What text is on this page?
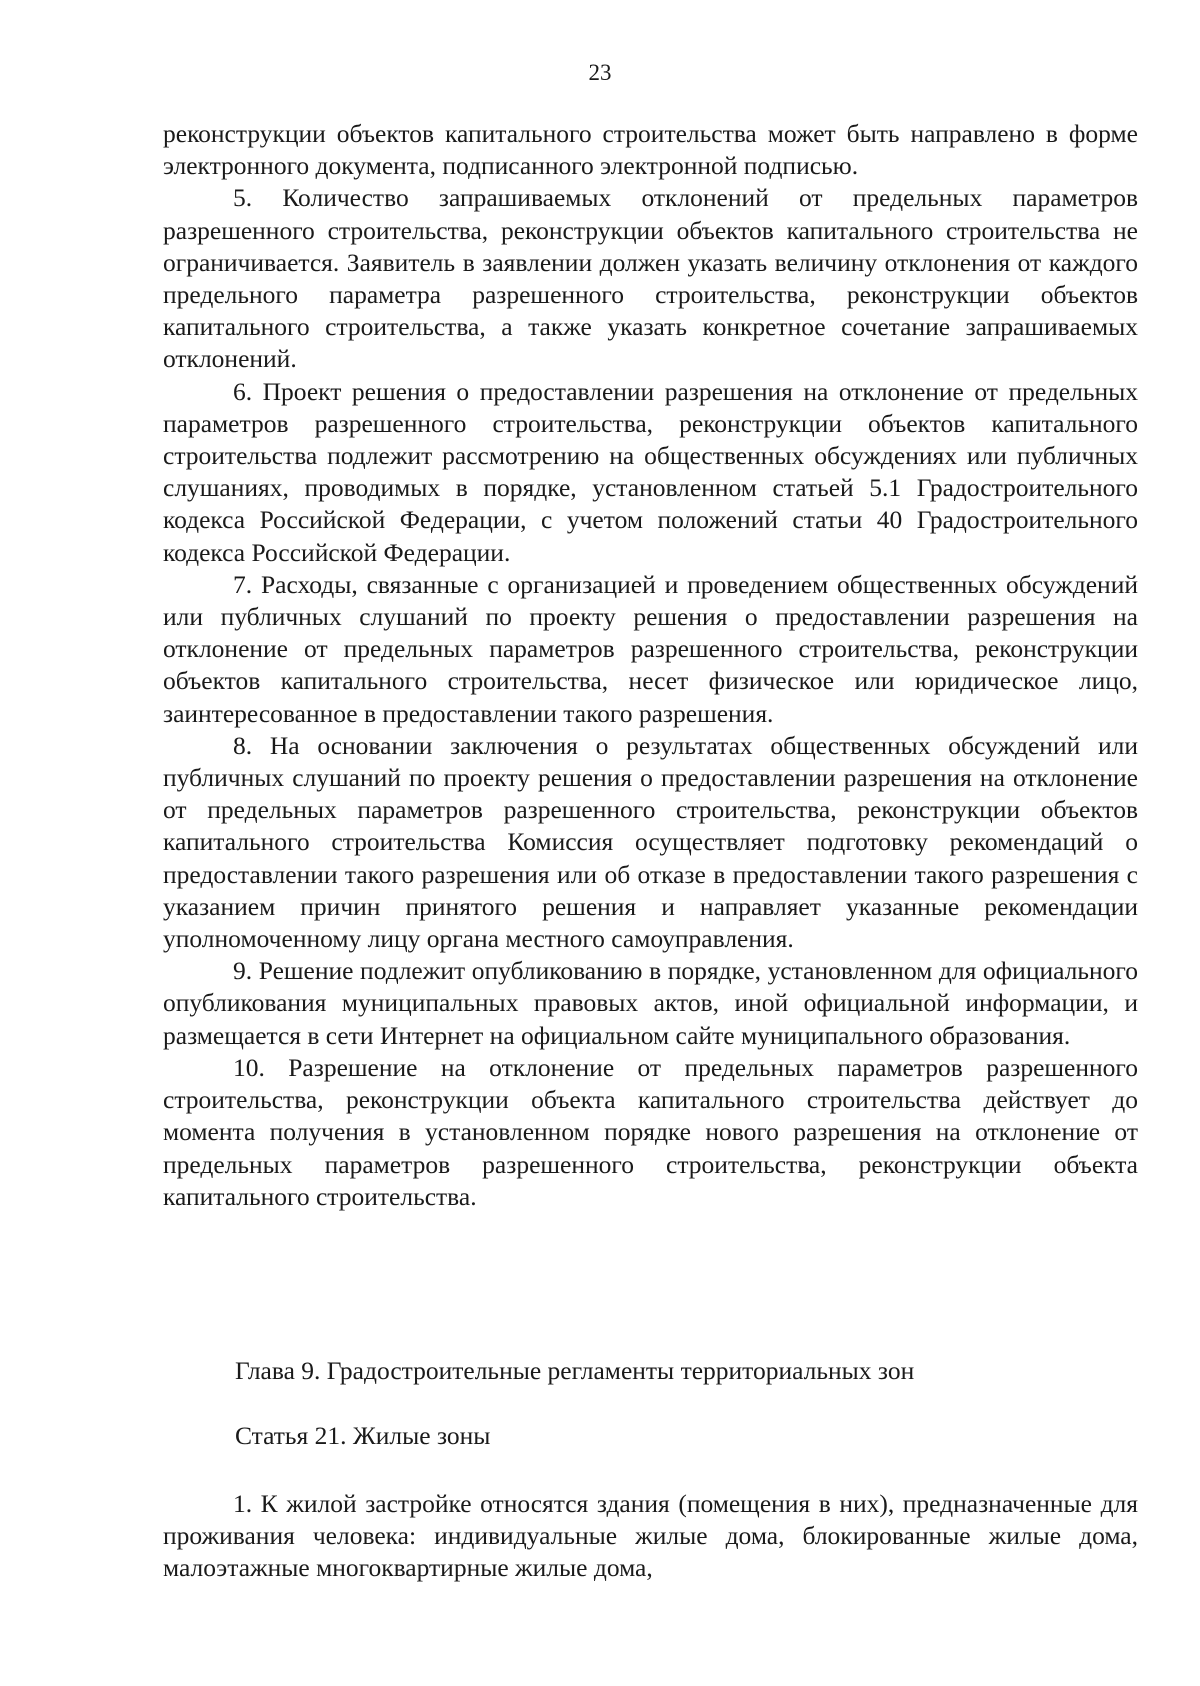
23

реконструкции объектов капитального строительства может быть направлено в форме электронного документа, подписанного электронной подписью.

5. Количество запрашиваемых отклонений от предельных параметров разрешенного строительства, реконструкции объектов капитального строительства не ограничивается. Заявитель в заявлении должен указать величину отклонения от каждого предельного параметра разрешенного строительства, реконструкции объектов капитального строительства, а также указать конкретное сочетание запрашиваемых отклонений.

6. Проект решения о предоставлении разрешения на отклонение от предельных параметров разрешенного строительства, реконструкции объектов капитального строительства подлежит рассмотрению на общественных обсуждениях или публичных слушаниях, проводимых в порядке, установленном статьей 5.1 Градостроительного кодекса Российской Федерации, с учетом положений статьи 40 Градостроительного кодекса Российской Федерации.

7. Расходы, связанные с организацией и проведением общественных обсуждений или публичных слушаний по проекту решения о предоставлении разрешения на отклонение от предельных параметров разрешенного строительства, реконструкции объектов капитального строительства, несет физическое или юридическое лицо, заинтересованное в предоставлении такого разрешения.

8. На основании заключения о результатах общественных обсуждений или публичных слушаний по проекту решения о предоставлении разрешения на отклонение от предельных параметров разрешенного строительства, реконструкции объектов капитального строительства Комиссия осуществляет подготовку рекомендаций о предоставлении такого разрешения или об отказе в предоставлении такого разрешения с указанием причин принятого решения и направляет указанные рекомендации уполномоченному лицу органа местного самоуправления.

9. Решение подлежит опубликованию в порядке, установленном для официального опубликования муниципальных правовых актов, иной официальной информации, и размещается в сети Интернет на официальном сайте муниципального образования.

10. Разрешение на отклонение от предельных параметров разрешенного строительства, реконструкции объекта капитального строительства действует до момента получения в установленном порядке нового разрешения на отклонение от предельных параметров разрешенного строительства, реконструкции объекта капитального строительства.

Глава 9. Градостроительные регламенты территориальных зон
Статья 21. Жилые зоны

1. К жилой застройке относятся здания (помещения в них), предназначенные для проживания человека: индивидуальные жилые дома, блокированные жилые дома, малоэтажные многоквартирные жилые дома,
